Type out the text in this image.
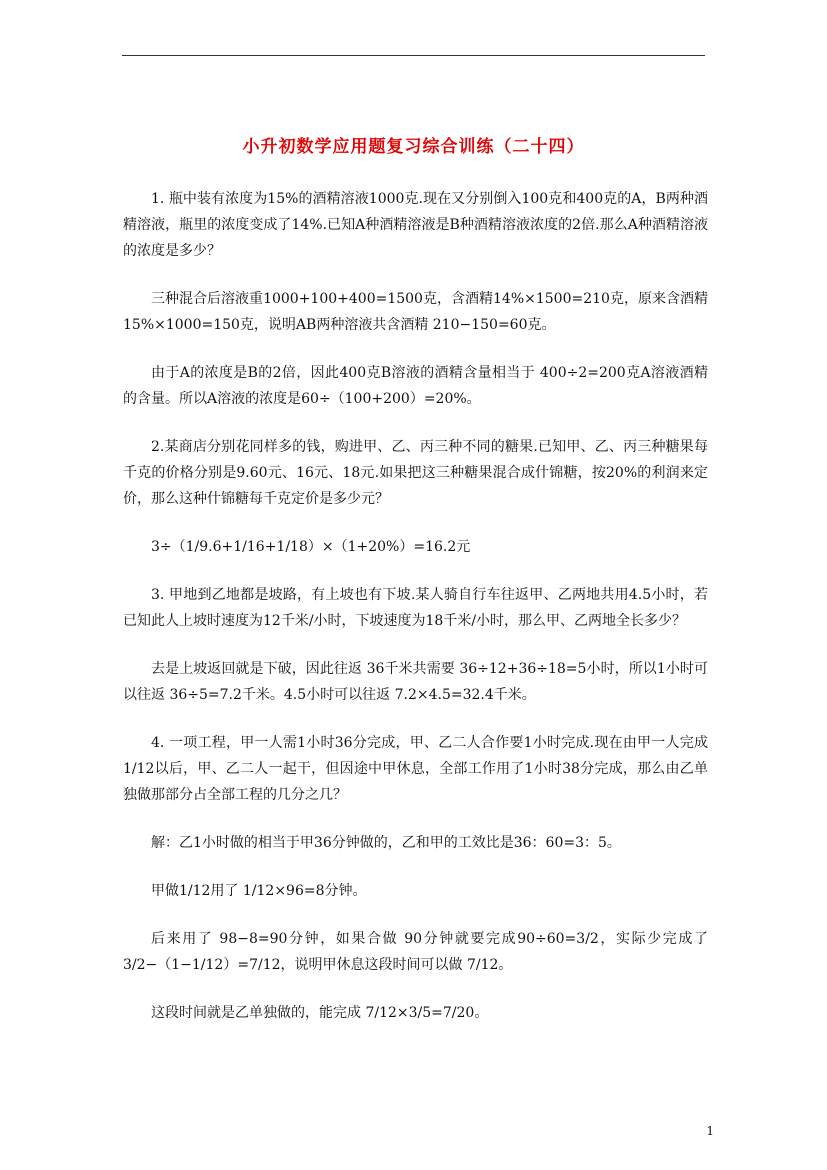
小升初数学应用题复习综合训练（二十四）

1. 瓶中装有浓度为15%的酒精溶液1000克.现在又分别倒入100克和400克的A，B两种酒精溶液，瓶里的浓度变成了14%.已知A种酒精溶液是B种酒精溶液浓度的2倍.那么A种酒精溶液的浓度是多少？

三种混合后溶液重1000+100+400=1500克，含酒精14%×1500=210克，原来含酒精15%×1000=150克，说明AB两种溶液共含酒精 210−150=60克。

由于A的浓度是B的2倍，因此400克B溶液的酒精含量相当于 400÷2=200克A溶液酒精的含量。所以A溶液的浓度是60÷（100+200）=20%。

2.某商店分别花同样多的钱，购进甲、乙、丙三种不同的糖果.已知甲、乙、丙三种糖果每千克的价格分别是9.60元、16元、18元.如果把这三种糖果混合成什锦糖，按20%的利润来定价，那么这种什锦糖每千克定价是多少元？

3÷（1/9.6+1/16+1/18）×（1+20%）=16.2元

3. 甲地到乙地都是坡路，有上坡也有下坡.某人骑自行车往返甲、乙两地共用4.5小时，若已知此人上坡时速度为12千米/小时，下坡速度为18千米/小时，那么甲、乙两地全长多少？

去是上坡返回就是下破，因此往返 36千米共需要 36÷12+36÷18=5小时，所以1小时可以往返 36÷5=7.2千米。4.5小时可以往返 7.2×4.5=32.4千米。

4. 一项工程，甲一人需1小时36分完成，甲、乙二人合作要1小时完成.现在由甲一人完成1/12以后，甲、乙二人一起干，但因途中甲休息，全部工作用了1小时38分完成，那么由乙单独做那部分占全部工程的几分之几？

解：乙1小时做的相当于甲36分钟做的，乙和甲的工效比是36：60=3：5。

甲做1/12用了 1/12×96=8分钟。

后来用了 98−8=90分钟，如果合做 90分钟就要完成90÷60=3/2，实际少完成了 3/2−（1−1/12）=7/12，说明甲休息这段时间可以做 7/12。

这段时间就是乙单独做的，能完成 7/12×3/5=7/20。

1
